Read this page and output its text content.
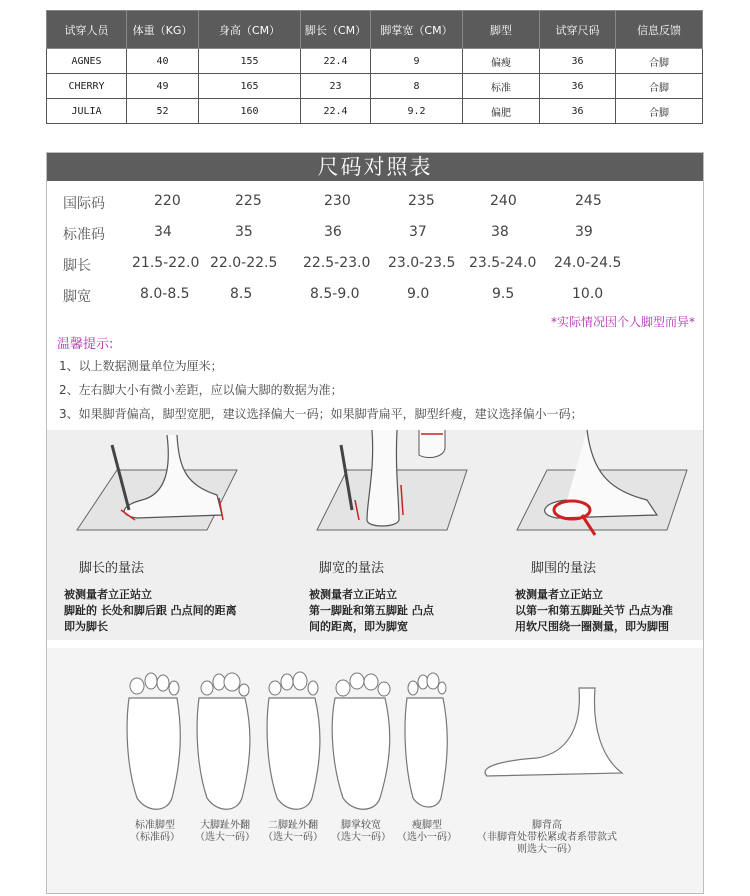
试穿人员	体重（KG）	身高（CM）	脚长（CM）	脚掌宽（CM）	脚型	试穿尺码	信息反馈
AGNES	40	155	22.4	9	偏瘦	36	合脚
CHERRY	49	165	23	8	标准	36	合脚
JULIA	52	160	22.4	9.2	偏肥	36	合脚
尺码对照表
国际码	220	225	230	235	240	245
标准码	34	35	36	37	38	39
脚长	21.5-22.0 22.0-22.5 22.5-23.0 23.0-23.5 23.5-24.0 24.0-24.5
脚宽	8.0-8.5	8.5	8.5-9.0	9.0	9.5	10.0
*实际情况因个人脚型而异*
温馨提示:
1、以上数据测量单位为厘米；
2、左右脚大小有微小差距，应以偏大脚的数据为准；
3、如果脚背偏高，脚型宽肥，建议选择偏大一码；如果脚背扁平，脚型纤瘦，建议选择偏小一码；
脚长的量法	脚宽的量法	脚围的量法
被测量者立正站立
脚趾的 长处和脚后跟 凸点间的距离
即为脚长
被测量者立正站立
第一脚趾和第五脚趾 凸点
间的距离，即为脚宽
被测量者立正站立
以第一和第五脚趾关节 凸点为准
用软尺围绕一圈测量，即为脚围
标准脚型
（标准码）
大脚趾外翻
（选大一码）
二脚趾外翻
（选大一码）
脚掌较宽
（选大一码）
瘦脚型
（选小一码）
脚背高
（非脚背处带松紧或者系带款式则选大一码）
